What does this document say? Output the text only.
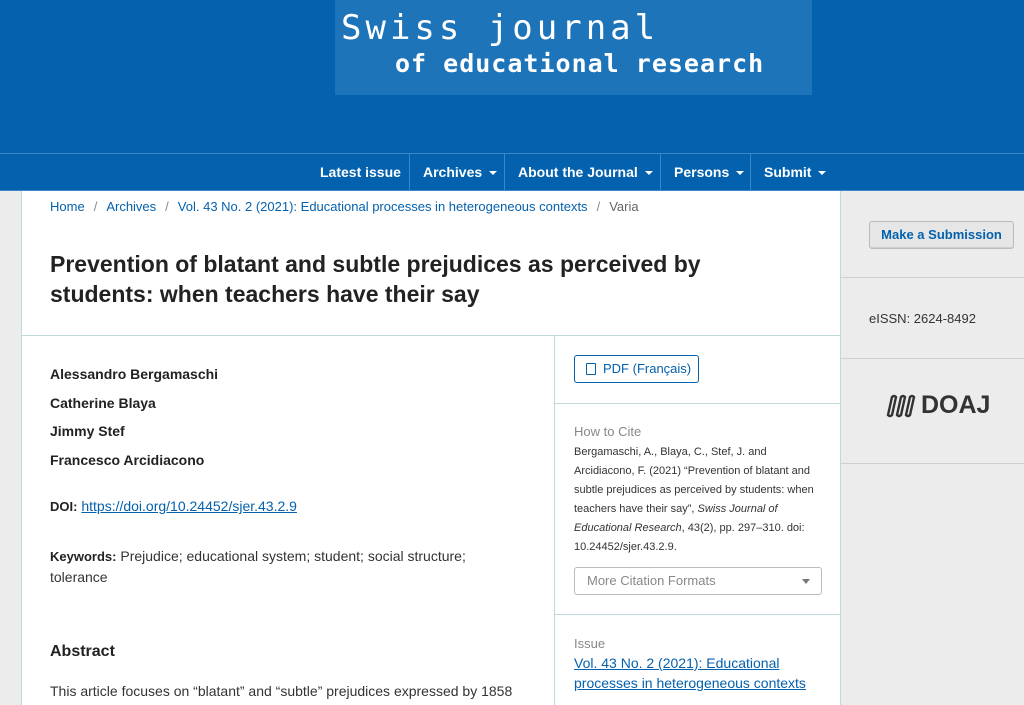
Swiss journal
of educational research
Latest issue Archives	About the Journal	Persons	Submit
Home / Archives / Vol. 43 No. 2 (2021): Educational processes in heterogeneous contexts / Varia
Prevention of blatant and subtle prejudices as perceived by students: when teachers have their say
Alessandro Bergamaschi
Catherine Blaya
Jimmy Stef
Francesco Arcidiacono
DOI: https://doi.org/10.24452/sjer.43.2.9
Keywords: Prejudice; educational system; student; social structure; tolerance
Abstract
This article focuses on “blatant” and “subtle” prejudices expressed by 1858
PDF (Français)
How to Cite
Bergamaschi, A., Blaya, C., Stef, J. and Arcidiacono, F. (2021) “Prevention of blatant and subtle prejudices as perceived by students: when teachers have their say”, Swiss Journal of Educational Research, 43(2), pp. 297–310. doi: 10.24452/sjer.43.2.9.
More Citation Formats
Issue
Vol. 43 No. 2 (2021): Educational processes in heterogeneous contexts
Make a Submission
eISSN: 2624-8492
DOAJ
